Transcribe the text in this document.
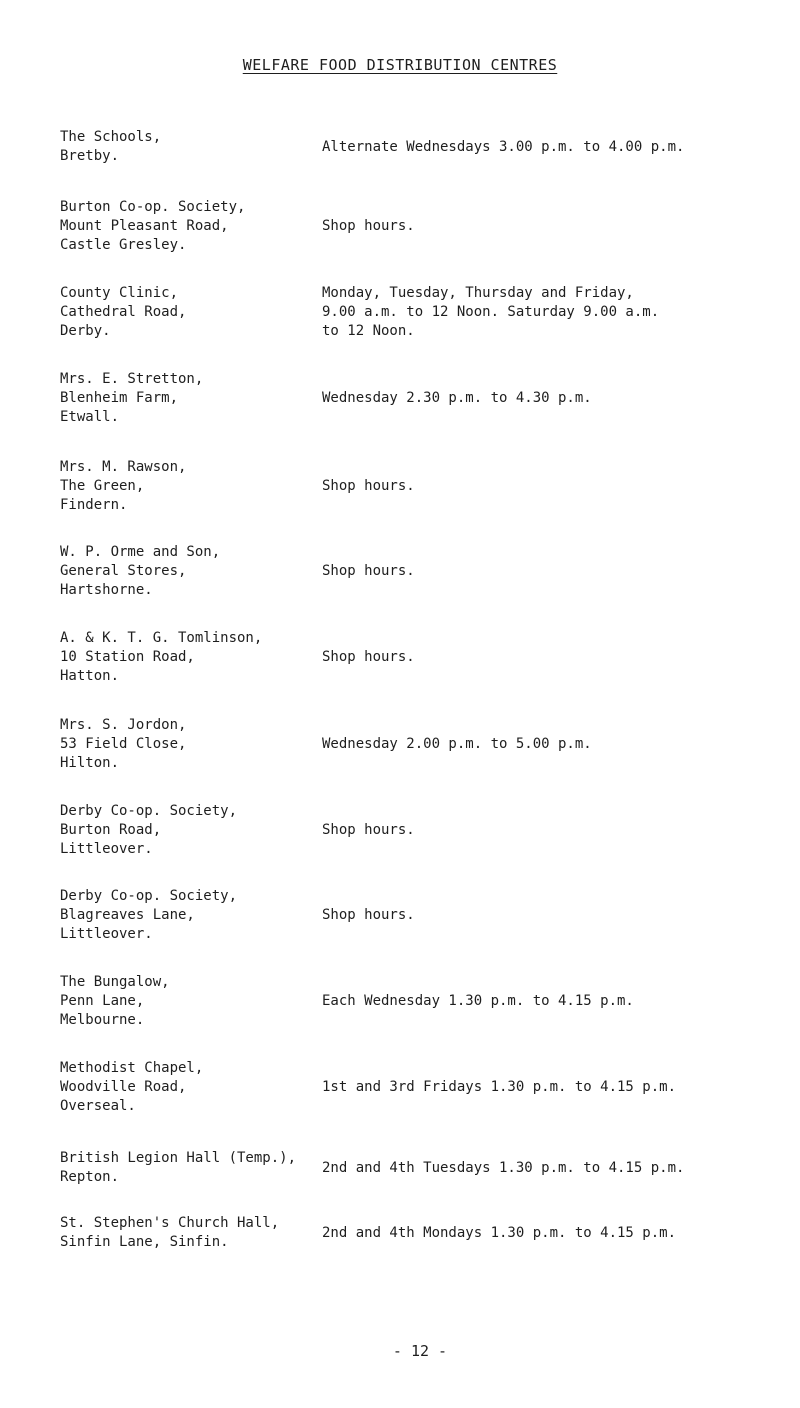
WELFARE FOOD DISTRIBUTION CENTRES
The Schools,
Bretby.
Alternate Wednesdays 3.00 p.m. to 4.00 p.m.
Burton Co-op. Society,
Mount Pleasant Road,
Castle Gresley.
Shop hours.
County Clinic,
Cathedral Road,
Derby.
Monday, Tuesday, Thursday and Friday,
9.00 a.m. to 12 Noon. Saturday 9.00 a.m.
to 12 Noon.
Mrs. E. Stretton,
Blenheim Farm,
Etwall.
Wednesday 2.30 p.m. to 4.30 p.m.
Mrs. M. Rawson,
The Green,
Findern.
Shop hours.
W. P. Orme and Son,
General Stores,
Hartshorne.
Shop hours.
A. & K. T. G. Tomlinson,
10 Station Road,
Hatton.
Shop hours.
Mrs. S. Jordon,
53 Field Close,
Hilton.
Wednesday 2.00 p.m. to 5.00 p.m.
Derby Co-op. Society,
Burton Road,
Littleover.
Shop hours.
Derby Co-op. Society,
Blagreaves Lane,
Littleover.
Shop hours.
The Bungalow,
Penn Lane,
Melbourne.
Each Wednesday 1.30 p.m. to 4.15 p.m.
Methodist Chapel,
Woodville Road,
Overseal.
1st and 3rd Fridays 1.30 p.m. to 4.15 p.m.
British Legion Hall (Temp.),
Repton.
2nd and 4th Tuesdays 1.30 p.m. to 4.15 p.m.
St. Stephen's Church Hall,
Sinfin Lane, Sinfin.
2nd and 4th Mondays 1.30 p.m. to 4.15 p.m.
- 12 -
